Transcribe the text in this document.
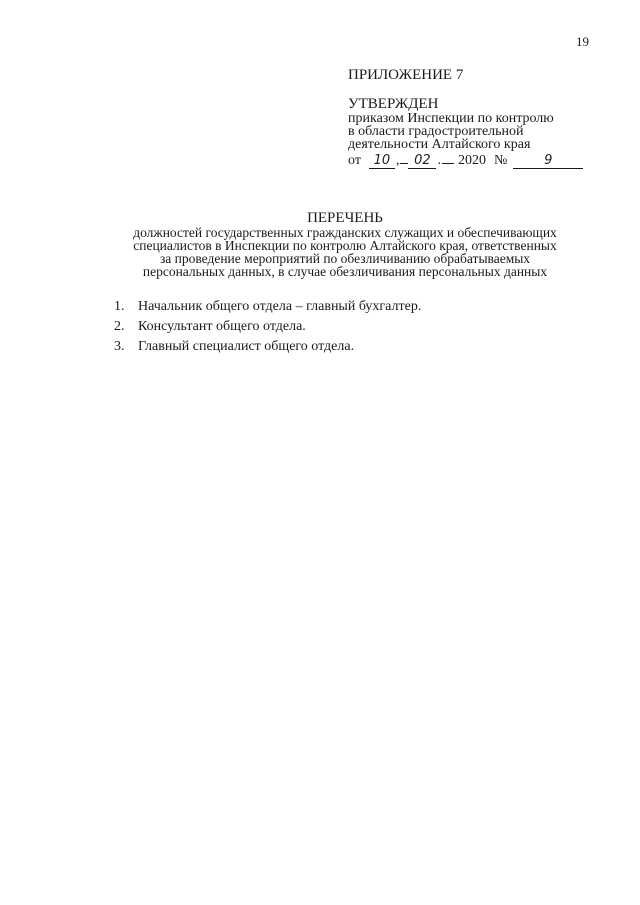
19
ПРИЛОЖЕНИЕ 7
УТВЕРЖДЕН
приказом Инспекции по контролю
в области градостроительной
деятельности Алтайского края
от 10 ,	02 . 2020 №	9
ПЕРЕЧЕНЬ
должностей государственных гражданских служащих и обеспечивающих
специалистов в Инспекции по контролю Алтайского края, ответственных
за проведение мероприятий по обезличиванию обрабатываемых
персональных данных, в случае обезличивания персональных данных
1. Начальник общего отдела – главный бухгалтер.
2. Консультант общего отдела.
3. Главный специалист общего отдела.
